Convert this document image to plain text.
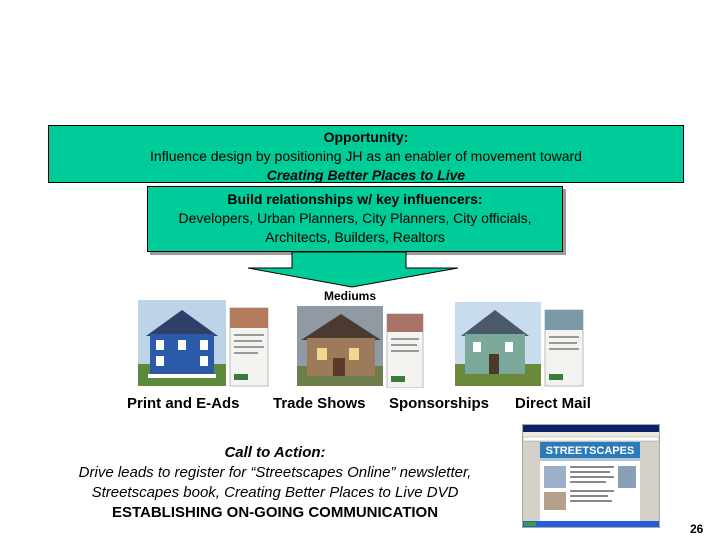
Opportunity:
Influence design by positioning JH as an enabler of movement toward
Creating Better Places to Live
Build relationships w/ key influencers:
Developers, Urban Planners, City Planners, City officials,
Architects, Builders, Realtors
Mediums
Print and E-Ads Trade Shows Sponsorships Direct Mail
Call to Action:
Drive leads to register for “Streetscapes Online” newsletter,
Streetscapes book, Creating Better Places to Live DVD
ESTABLISHING ON-GOING COMMUNICATION
STREETSCAPES
26
